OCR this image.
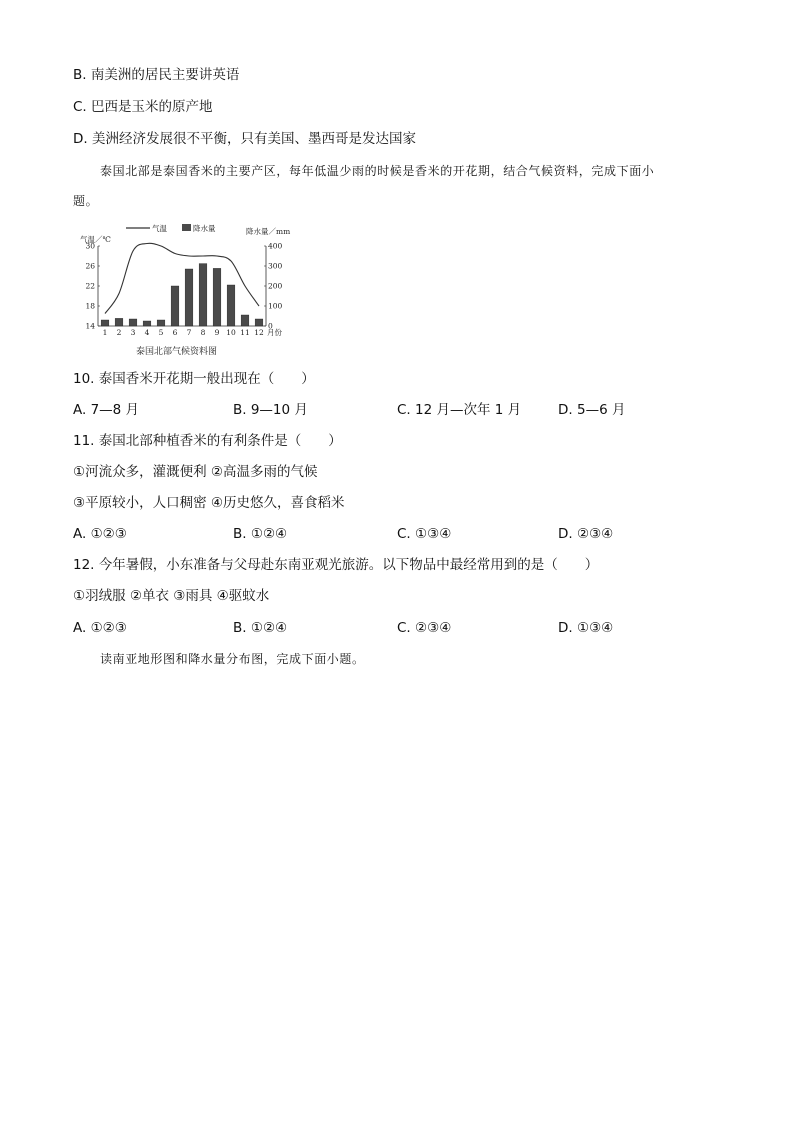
B. 南美洲的居民主要讲英语
C. 巴西是玉米的原产地
D. 美洲经济发展很不平衡，只有美国、墨西哥是发达国家
泰国北部是泰国香米的主要产区，每年低温少雨的时候是香米的开花期，结合气候资料，完成下面小
题。
气温	降水量
气温／℃
降水量／mm
14
18
22
26
30
0
100
200
300
400
1 2 3 4 5 6 7 8 9 10 11 12 月份
泰国北部气候资料图
10. 泰国香米开花期一般出现在（　　）
A. 7—8 月	B. 9—10 月	C. 12 月—次年 1 月	D. 5—6 月
11. 泰国北部种植香米的有利条件是（　　）
①河流众多，灌溉便利 ②高温多雨的气候
③平原较小，人口稠密 ④历史悠久，喜食稻米
A. ①②③	B. ①②④	C. ①③④	D. ②③④
12. 今年暑假，小东准备与父母赴东南亚观光旅游。以下物品中最经常用到的是（　　）
①羽绒服 ②单衣 ③雨具 ④驱蚊水
A. ①②③	B. ①②④	C. ②③④	D. ①③④
读南亚地形图和降水量分布图，完成下面小题。
